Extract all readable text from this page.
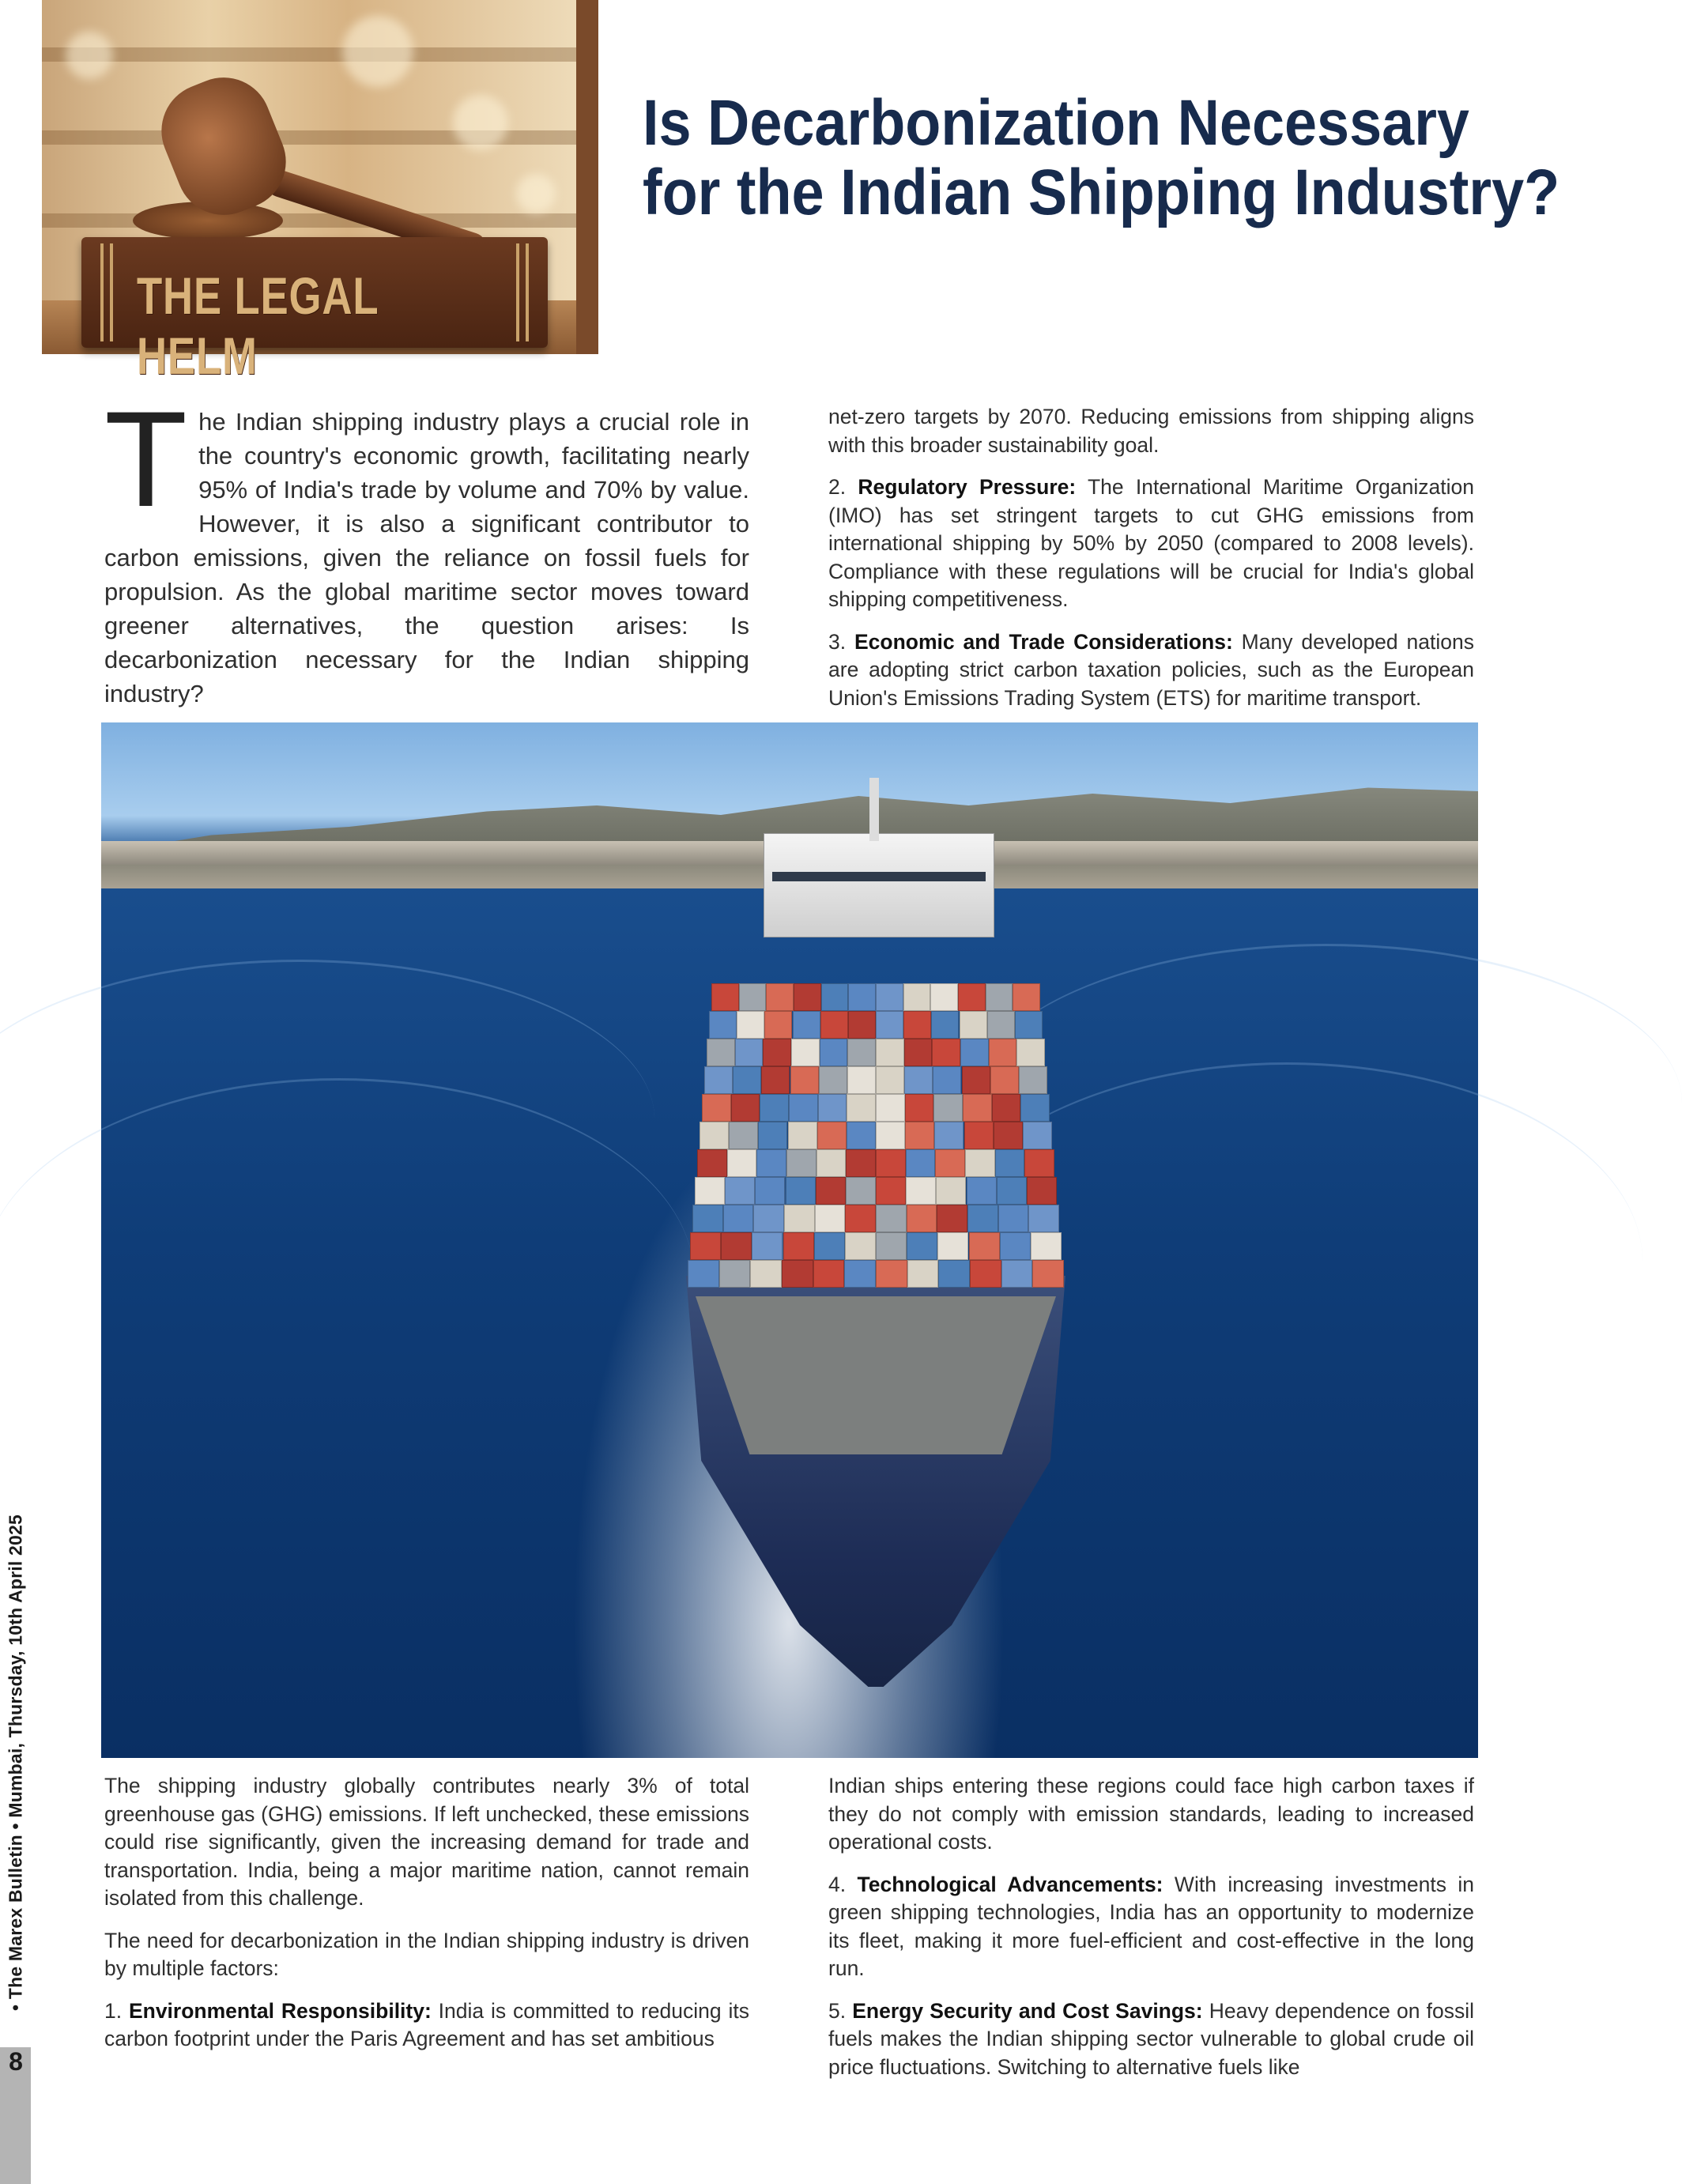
THE LEGAL HELM
Is Decarbonization Necessary
for the Indian Shipping Industry?
The Indian shipping industry plays a crucial role in the country's economic growth, facilitating nearly 95% of India's trade by volume and 70% by value. However, it is also a significant contributor to carbon emissions, given the reliance on fossil fuels for propulsion. As the global maritime sector moves toward greener alternatives, the question arises: Is decarbonization necessary for the Indian shipping industry?

net-zero targets by 2070. Reducing emissions from shipping aligns with this broader sustainability goal.

2. Regulatory Pressure: The International Maritime Organization (IMO) has set stringent targets to cut GHG emissions from international shipping by 50% by 2050 (compared to 2008 levels). Compliance with these regulations will be crucial for India's global shipping competitiveness.

3. Economic and Trade Considerations: Many developed nations are adopting strict carbon taxation policies, such as the European Union's Emissions Trading System (ETS) for maritime transport.

The shipping industry globally contributes nearly 3% of total greenhouse gas (GHG) emissions. If left unchecked, these emissions could rise significantly, given the increasing demand for trade and transportation. India, being a major maritime nation, cannot remain isolated from this challenge.

The need for decarbonization in the Indian shipping industry is driven by multiple factors:

1. Environmental Responsibility: India is committed to reducing its carbon footprint under the Paris Agreement and has set ambitious

Indian ships entering these regions could face high carbon taxes if they do not comply with emission standards, leading to increased operational costs.

4. Technological Advancements: With increasing investments in green shipping technologies, India has an opportunity to modernize its fleet, making it more fuel-efficient and cost-effective in the long run.

5. Energy Security and Cost Savings: Heavy dependence on fossil fuels makes the Indian shipping sector vulnerable to global crude oil price fluctuations. Switching to alternative fuels like

8
• The Marex Bulletin • Mumbai, Thursday, 10th April 2025
